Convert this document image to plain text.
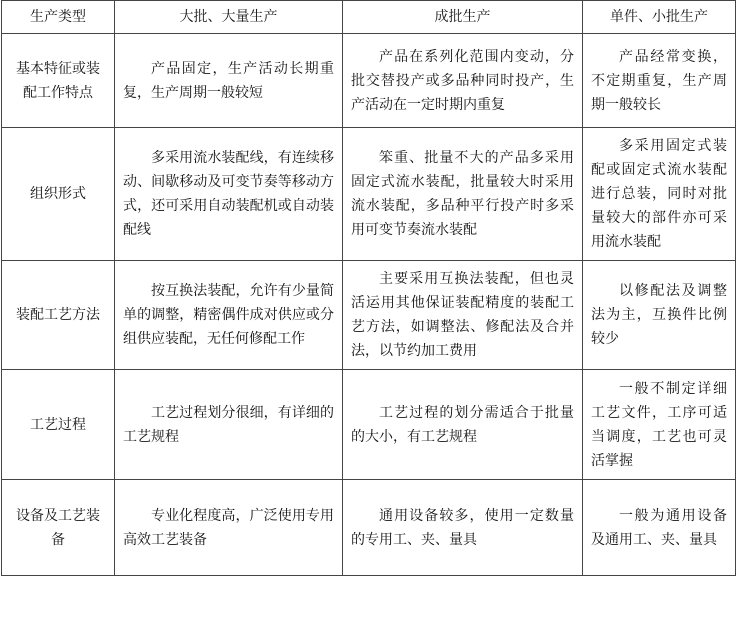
生产类型	大批、大量生产	成批生产	单件、小批生产
基本特征或装配工作特点	产品固定，生产活动长期重复，生产周期一般较短	产品在系列化范围内变动，分批交替投产或多品种同时投产，生产活动在一定时期内重复	产品经常变换，不定期重复，生产周期一般较长

组织形式	多采用流水装配线，有连续移动、间歇移动及可变节奏等移动方式，还可采用自动装配机或自动装配线	笨重、批量不大的产品多采用固定式流水装配，批量较大时采用流水装配，多品种平行投产时多采用可变节奏流水装配	多采用固定式装配或固定式流水装配进行总装，同时对批量较大的部件亦可采用流水装配

装配工艺方法	按互换法装配，允许有少量简单的调整，精密偶件成对供应或分组供应装配，无任何修配工作	主要采用互换法装配，但也灵活运用其他保证装配精度的装配工艺方法，如调整法、修配法及合并法，以节约加工费用	以修配法及调整法为主，互换件比例较少

工艺过程	工艺过程划分很细，有详细的工艺规程	工艺过程的划分需适合于批量的大小，有工艺规程	一般不制定详细工艺文件，工序可适当调度，工艺也可灵活掌握

设备及工艺装备	专业化程度高，广泛使用专用高效工艺装备	通用设备较多，使用一定数量的专用工、夹、量具	一般为通用设备及通用工、夹、量具
